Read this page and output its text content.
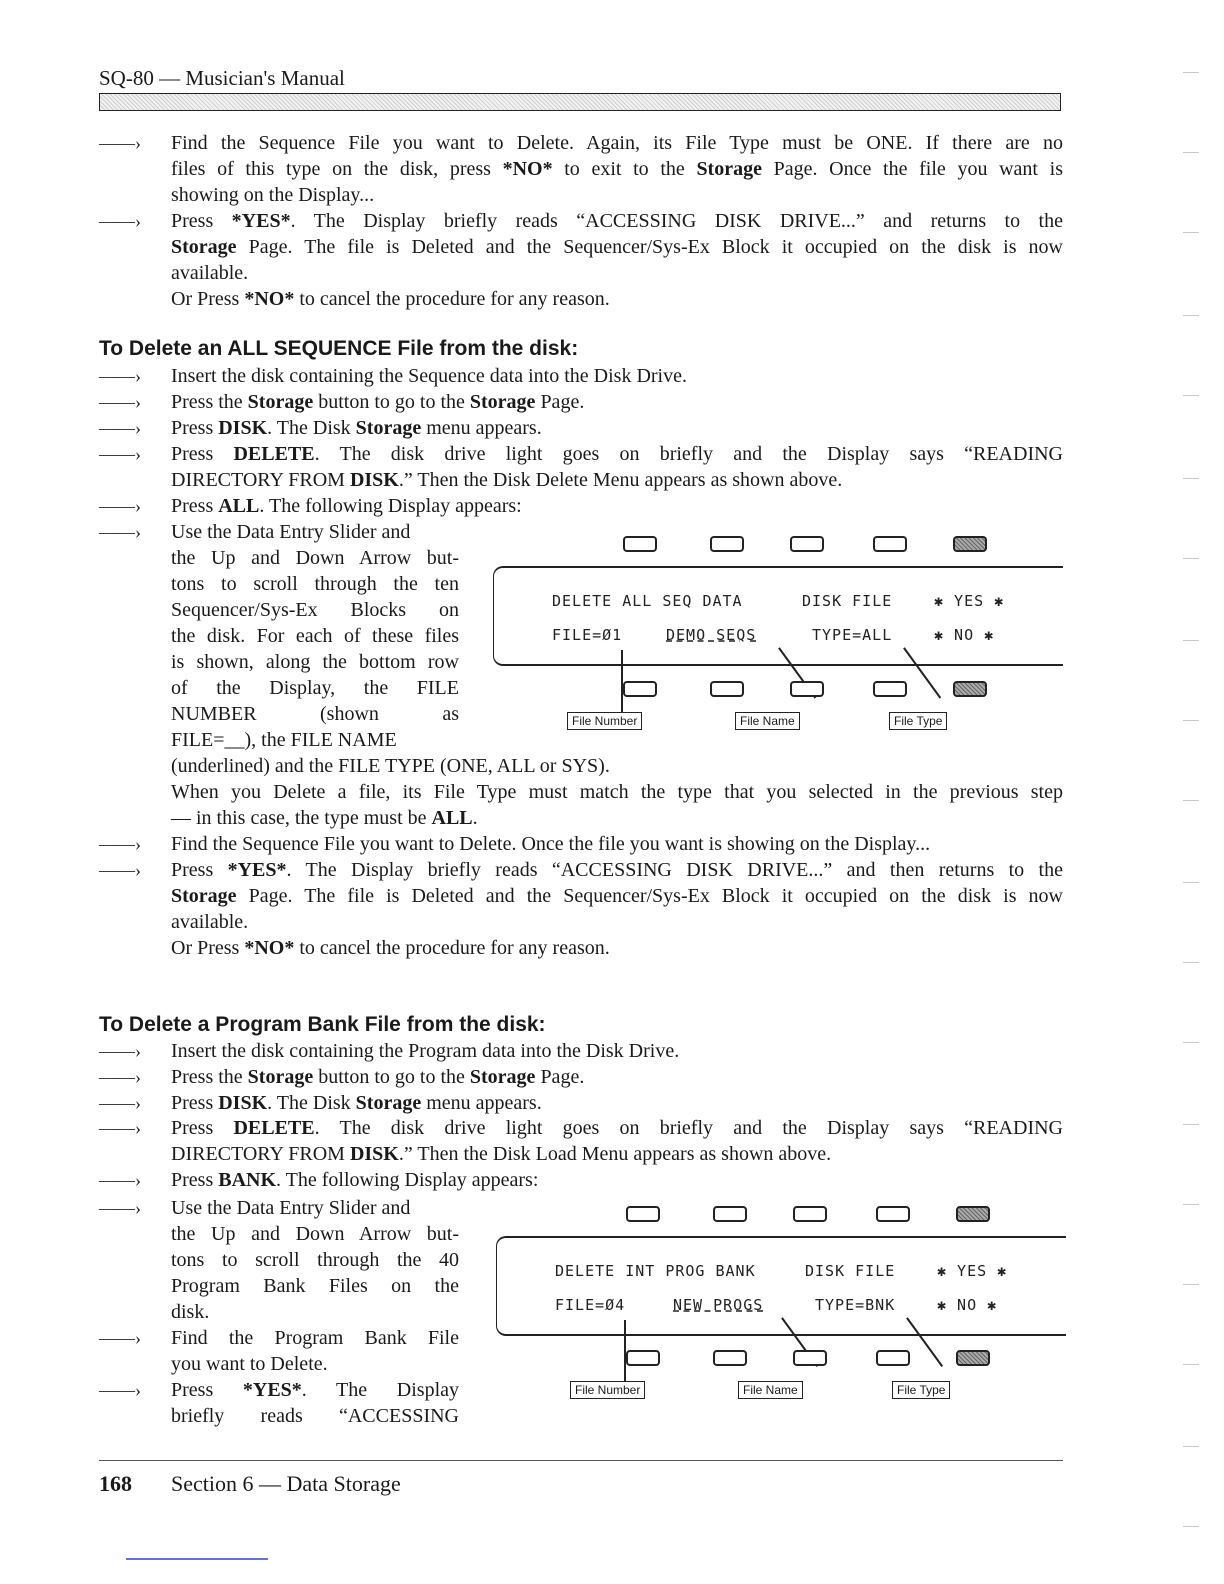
SQ-80 — Musician's Manual
——› Find the Sequence File you want to Delete. Again, its File Type must be ONE. If there are no
files of this type on the disk, press *NO* to exit to the Storage Page. Once the file you want is
showing on the Display...
——› Press *YES*. The Display briefly reads “ACCESSING DISK DRIVE...” and returns to the
Storage Page. The file is Deleted and the Sequencer/Sys-Ex Block it occupied on the disk is now
available.
Or Press *NO* to cancel the procedure for any reason.
To Delete an ALL SEQUENCE File from the disk:
——› Insert the disk containing the Sequence data into the Disk Drive.
——› Press the Storage button to go to the Storage Page.
——› Press DISK. The Disk Storage menu appears.
——› Press DELETE. The disk drive light goes on briefly and the Display says “READING
DIRECTORY FROM DISK.” Then the Disk Delete Menu appears as shown above.
——› Press ALL. The following Display appears:
——› Use the Data Entry Slider and
the Up and Down Arrow but-
tons to scroll through the ten
Sequencer/Sys-Ex Blocks on
the disk. For each of these files
is shown, along the bottom row
of the Display, the FILE
NUMBER (shown as
FILE=__), the FILE NAME
(underlined) and the FILE TYPE (ONE, ALL or SYS).
When you Delete a file, its File Type must match the type that you selected in the previous step
— in this case, the type must be ALL.
——› Find the Sequence File you want to Delete. Once the file you want is showing on the Display...
——› Press *YES*. The Display briefly reads “ACCESSING DISK DRIVE...” and then returns to the
Storage Page. The file is Deleted and the Sequencer/Sys-Ex Block it occupied on the disk is now
available.
Or Press *NO* to cancel the procedure for any reason.
DELETE ALL SEQ DATA	DISK FILE	✱ YES ✱
FILE=Ø1	DEMO SEQS	TYPE=ALL	✱ NO ✱
File Number	File Name	File Type
To Delete a Program Bank File from the disk:
——› Insert the disk containing the Program data into the Disk Drive.
——› Press the Storage button to go to the Storage Page.
——› Press DISK. The Disk Storage menu appears.
——› Press DELETE. The disk drive light goes on briefly and the Display says “READING
DIRECTORY FROM DISK.” Then the Disk Load Menu appears as shown above.
——› Press BANK. The following Display appears:
——› Use the Data Entry Slider and
the Up and Down Arrow but-
tons to scroll through the 40
Program Bank Files on the
disk.
——› Find the Program Bank File
you want to Delete.
——› Press *YES*. The Display
briefly reads “ACCESSING
DELETE INT PROG BANK	DISK FILE	✱ YES ✱
FILE=Ø4	NEW PROGS	TYPE=BNK	✱ NO ✱
File Number	File Name	File Type
168 Section 6 — Data Storage
